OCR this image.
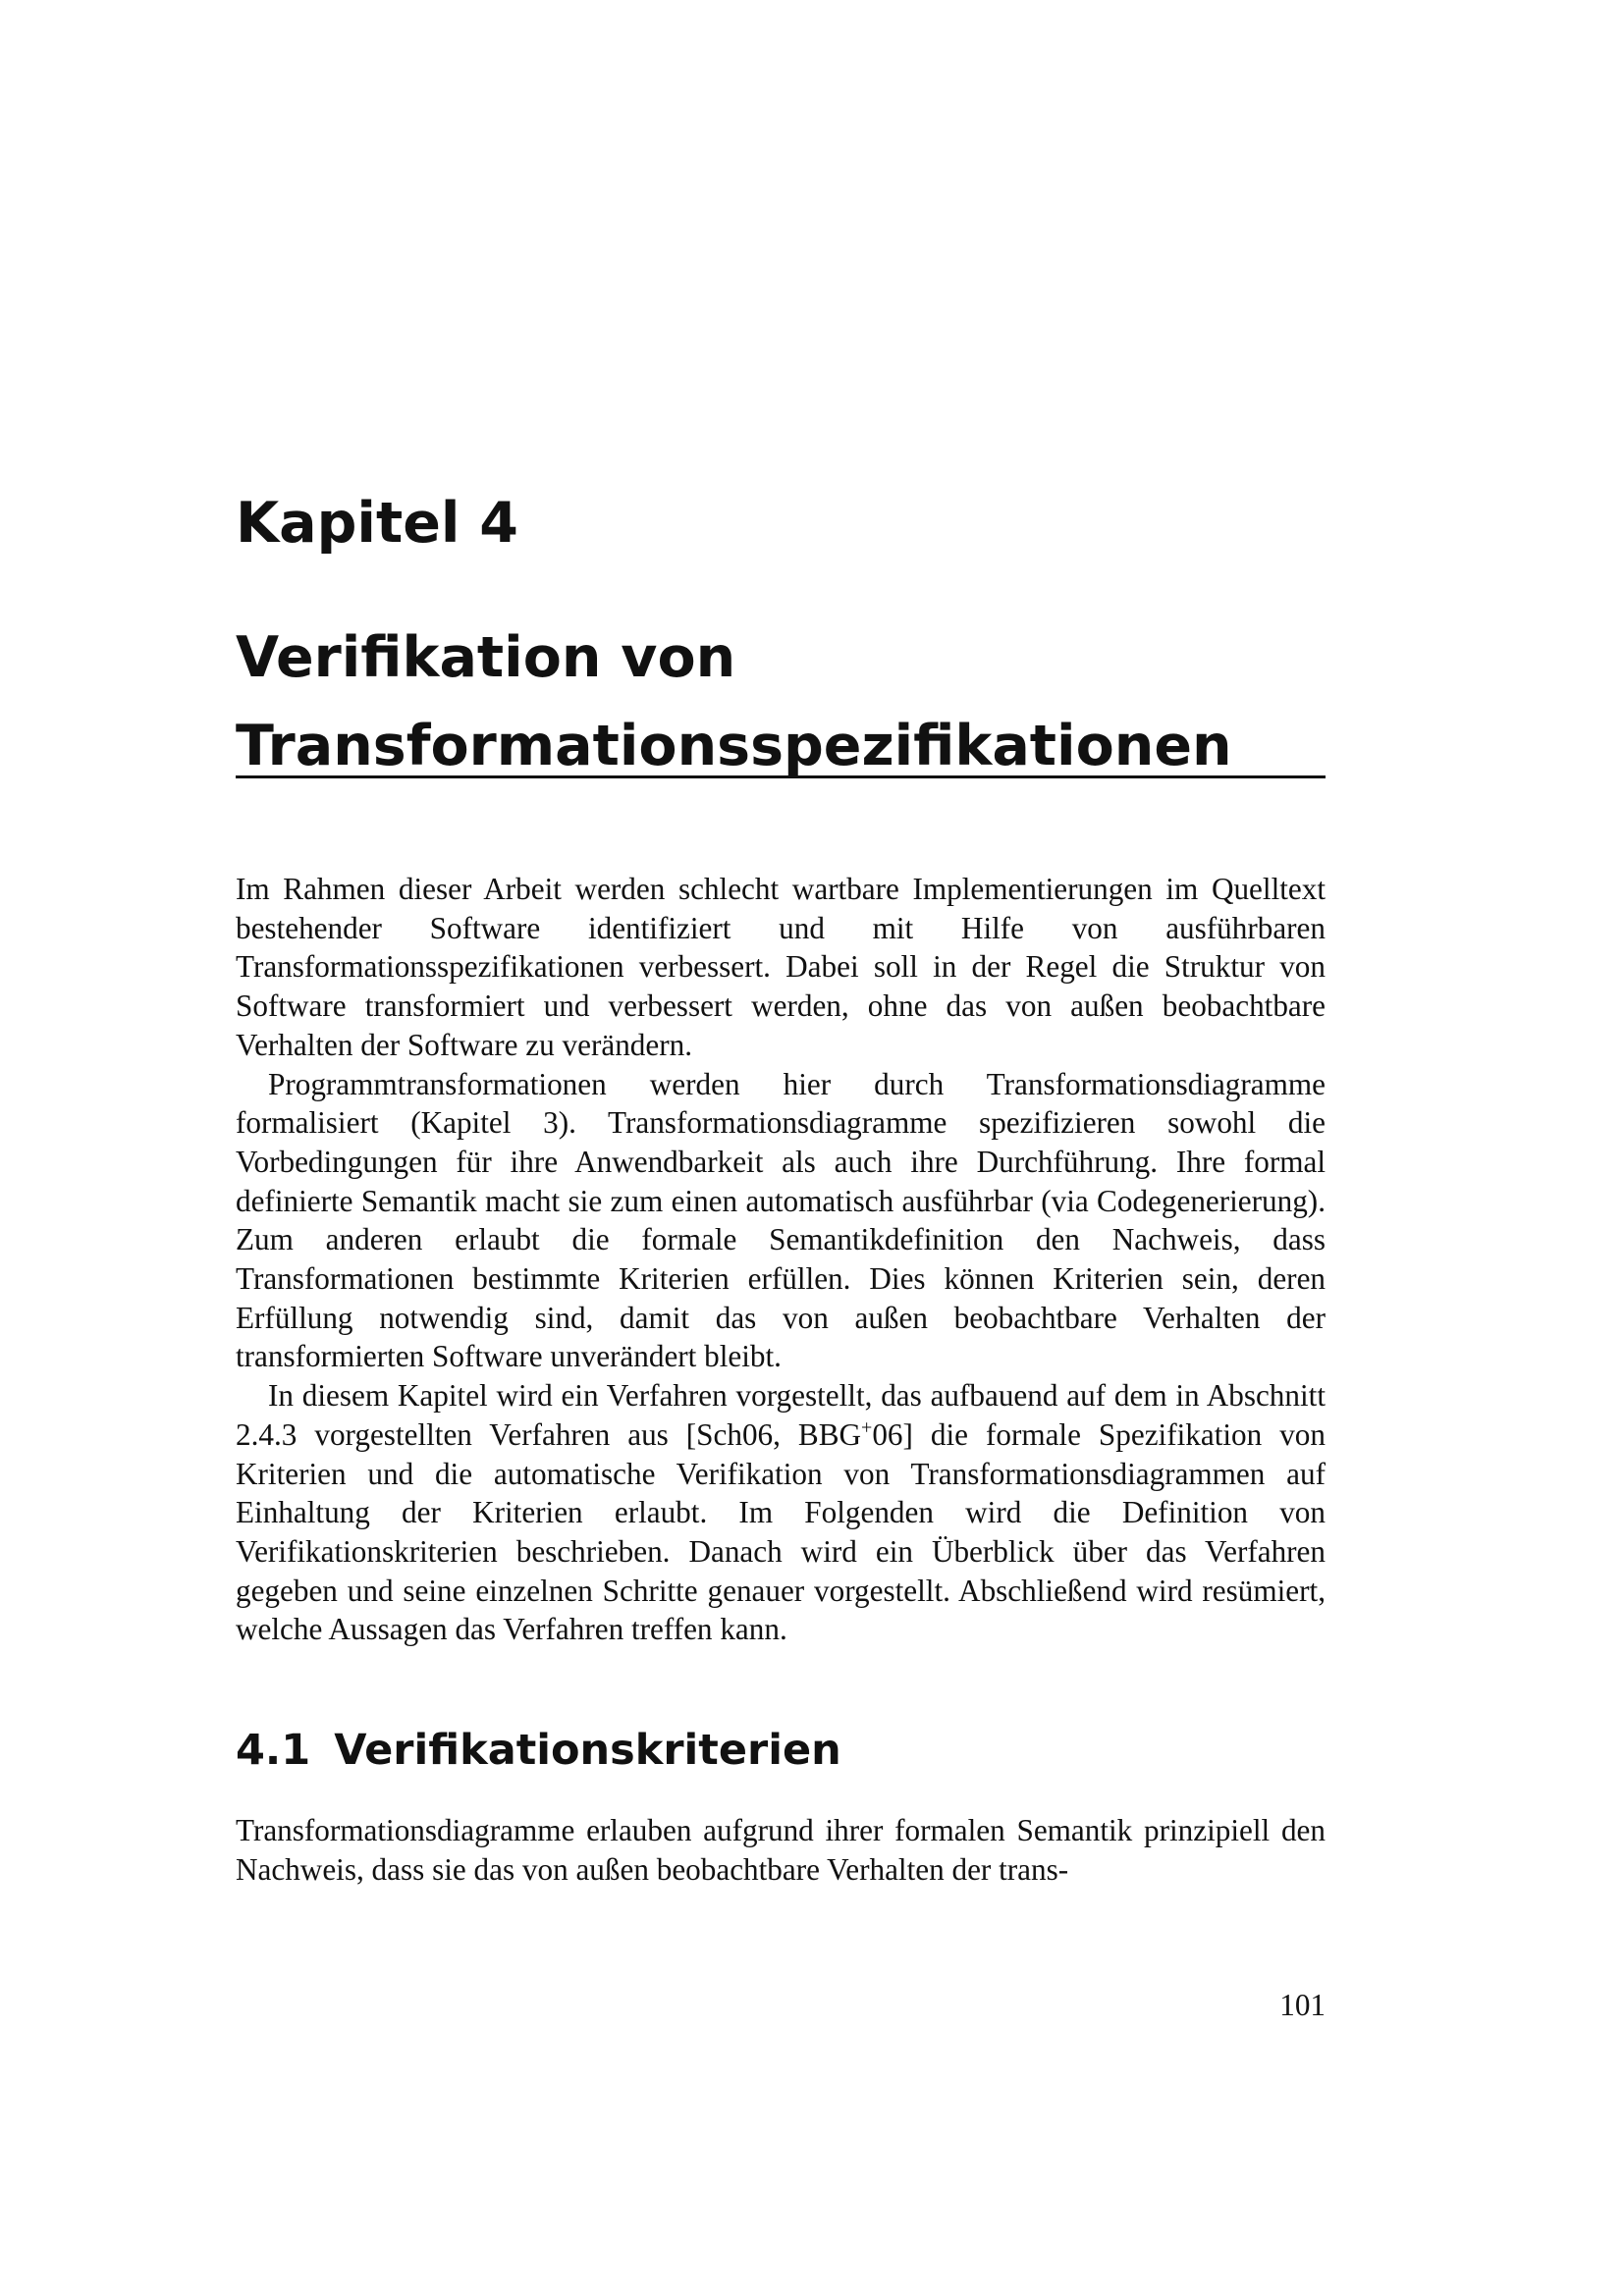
Kapitel 4
Verifikation von
Transformationsspezifikationen

Im Rahmen dieser Arbeit werden schlecht wartbare Implementierungen im Quelltext bestehender Software identifiziert und mit Hilfe von ausführbaren Transformationsspezifikationen verbessert. Dabei soll in der Regel die Struktur von Software transformiert und verbessert werden, ohne das von außen beobachtbare Verhalten der Software zu verändern.

Programmtransformationen werden hier durch Transformationsdiagramme formalisiert (Kapitel 3). Transformationsdiagramme spezifizieren sowohl die Vorbedingungen für ihre Anwendbarkeit als auch ihre Durchführung. Ihre formal definierte Semantik macht sie zum einen automatisch ausführbar (via Codegenerierung). Zum anderen erlaubt die formale Semantikdefinition den Nachweis, dass Transformationen bestimmte Kriterien erfüllen. Dies können Kriterien sein, deren Erfüllung notwendig sind, damit das von außen beobachtbare Verhalten der transformierten Software unverändert bleibt.

In diesem Kapitel wird ein Verfahren vorgestellt, das aufbauend auf dem in Abschnitt 2.4.3 vorgestellten Verfahren aus [Sch06, BBG+06] die formale Spezifikation von Kriterien und die automatische Verifikation von Transformationsdiagrammen auf Einhaltung der Kriterien erlaubt. Im Folgenden wird die Definition von Verifikationskriterien beschrieben. Danach wird ein Überblick über das Verfahren gegeben und seine einzelnen Schritte genauer vorgestellt. Abschließend wird resümiert, welche Aussagen das Verfahren treffen kann.

4.1 Verifikationskriterien

Transformationsdiagramme erlauben aufgrund ihrer formalen Semantik prinzipiell den Nachweis, dass sie das von außen beobachtbare Verhalten der trans-

101
